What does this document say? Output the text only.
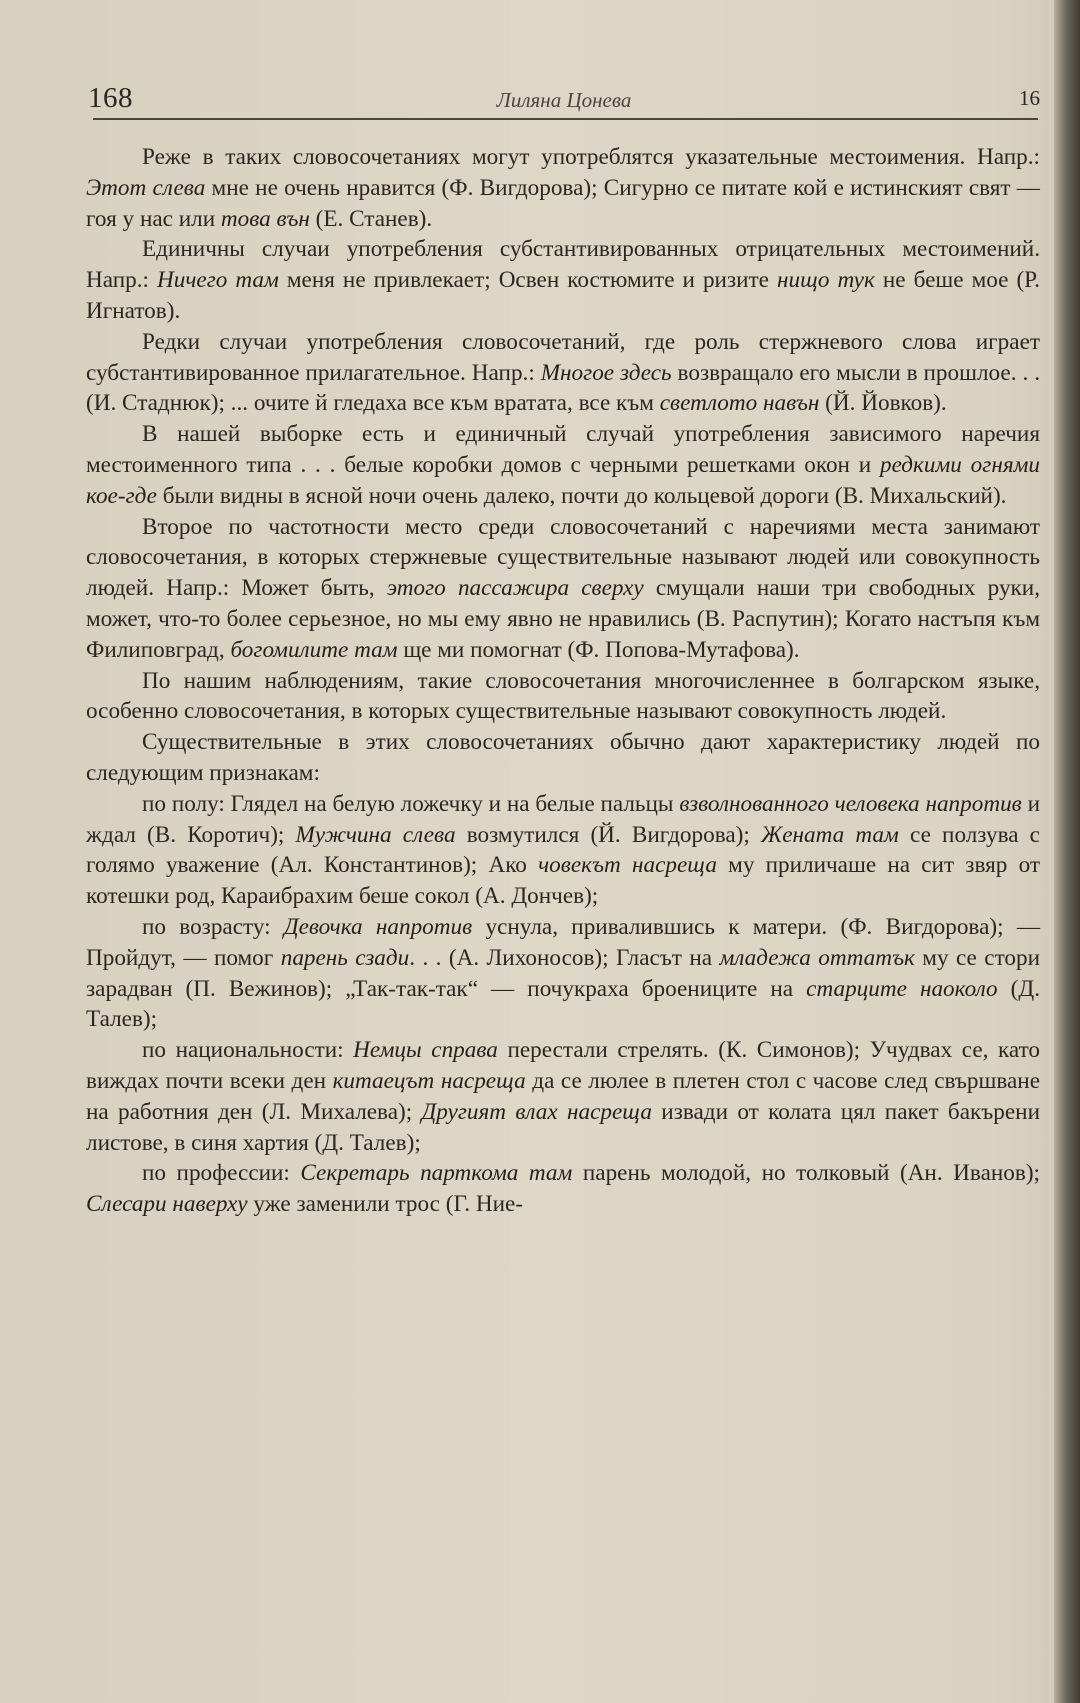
168	Лиляна Цонева	16

Реже в таких словосочетаниях могут употреблятся указательные местоимения. Напр.: Этот слева мне не очень нравится (Ф. Вигдорова); Сигурно се питате кой е истинският свят — гоя у нас или това вън (Е. Станев).

Единичны случаи употребления субстантивированных отрицательных местоимений. Напр.: Ничего там меня не привлекает; Освен костюмите и ризите нищо тук не беше мое (Р. Игнатов).

Редки случаи употребления словосочетаний, где роль стержневого слова играет субстантивированное прилагательное. Напр.: Многое здесь возвращало его мысли в прошлое. . . (И. Стаднюк); ... очите й гледаха все към вратата, все към светлото навън (Й. Йовков).

В нашей выборке есть и единичный случай употребления зависимого наречия местоименного типа . . . белые коробки домов с черными решетками окон и редкими огнями кое-где были видны в ясной ночи очень далеко, почти до кольцевой дороги (В. Михальский).

Второе по частотности место среди словосочетаний с наречиями места занимают словосочетания, в которых стержневые существительные называют людей или совокупность людей. Напр.: Может быть, этого пассажира сверху смущали наши три свободных руки, может, что-то более серьезное, но мы ему явно не нравились (В. Распутин); Когато настъпя към Филиповград, богомилите там ще ми помогнат (Ф. Попова-Мутафова).

По нашим наблюдениям, такие словосочетания многочисленнее в болгарском языке, особенно словосочетания, в которых существительные называют совокупность людей.

Существительные в этих словосочетаниях обычно дают характеристику людей по следующим признакам:

по полу: Глядел на белую ложечку и на белые пальцы взволнованного человека напротив и ждал (В. Коротич); Мужчина слева возмутился (Й. Вигдорова); Жената там се ползува с голямо уважение (Ал. Константинов); Ако човекът насреща му приличаше на сит звяр от котешки род, Караибрахим беше сокол (А. Дончев);

по возрасту: Девочка напротив уснула, привалившись к матери. (Ф. Вигдорова); — Пройдут, — помог парень сзади. . . (А. Лихоносов); Гласът на младежа оттатък му се стори зарадван (П. Вежинов); „Так-так-так“ — почукраха броениците на старците наоколо (Д. Талев);

по национальности: Немцы справа перестали стрелять. (К. Симонов); Учудвах се, като виждах почти всеки ден китаецът насреща да се люлее в плетен стол с часове след свършване на работния ден (Л. Михалева); Другият влах насреща извади от колата цял пакет бакърени листове, в синя хартия (Д. Талев);

по профессии: Секретарь парткома там парень молодой, но толковый (Ан. Иванов); Слесари наверху уже заменили трос (Г. Ние-
